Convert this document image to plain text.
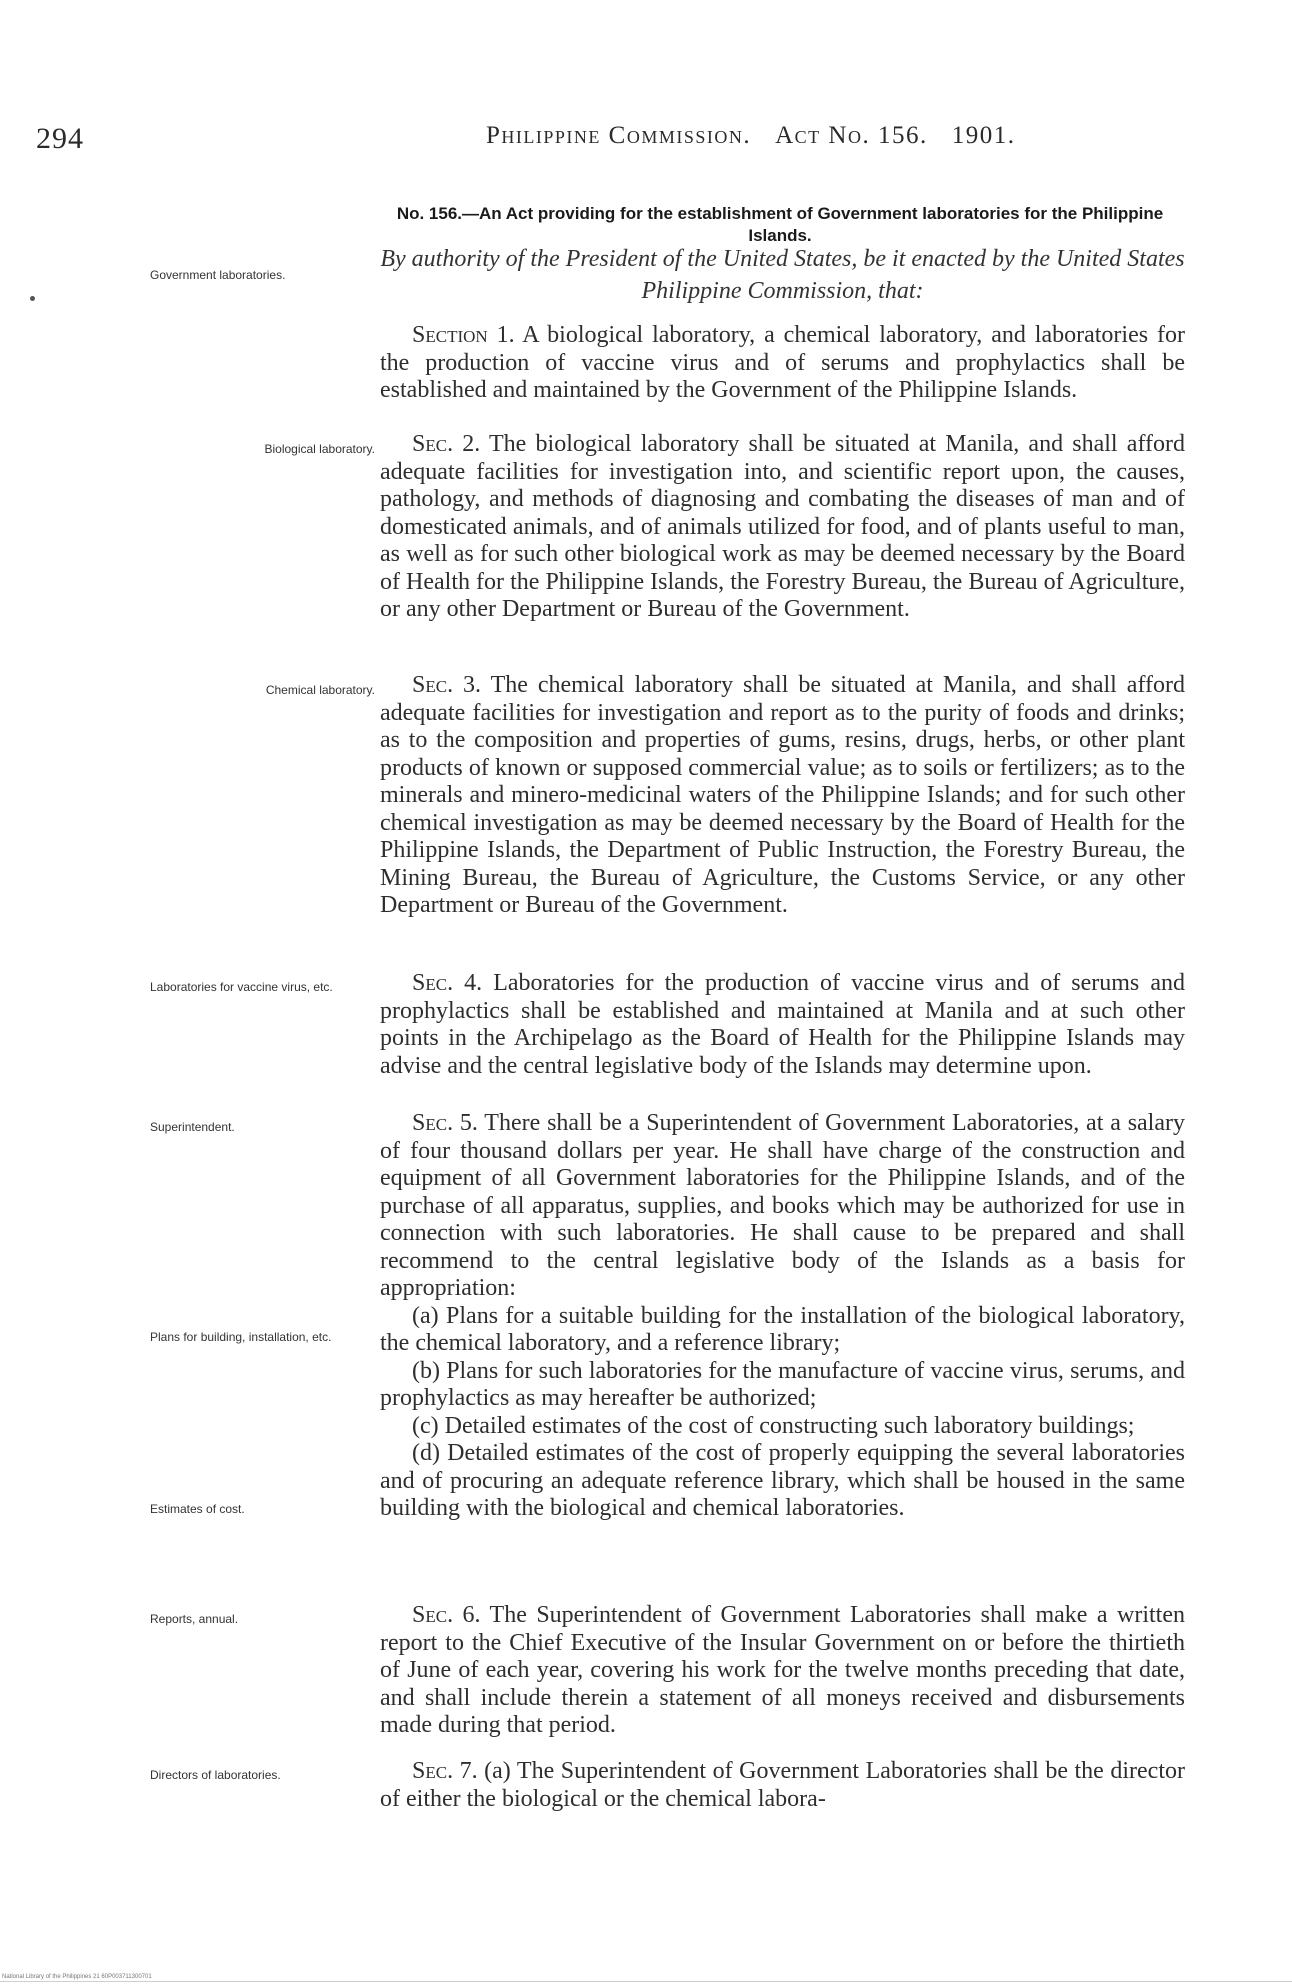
294	Philippine Commission. Act No. 156. 1901.
No. 156.—An Act providing for the establishment of Government laboratories for the Philippine Islands.
Government laboratories.
By authority of the President of the United States, be it enacted by the United States Philippine Commission, that:
Biological laboratory.
Chemical laboratory.
Laboratories for vaccine virus, etc.
Superintendent.
Plans for building, installation, etc.
Estimates of cost.
Reports, annual.
Directors of laboratories.

Section 1. A biological laboratory, a chemical laboratory, and laboratories for the production of vaccine virus and of serums and prophylactics shall be established and maintained by the Government of the Philippine Islands.

Sec. 2. The biological laboratory shall be situated at Manila, and shall afford adequate facilities for investigation into, and scientific report upon, the causes, pathology, and methods of diagnosing and combating the diseases of man and of domesticated animals, and of animals utilized for food, and of plants useful to man, as well as for such other biological work as may be deemed necessary by the Board of Health for the Philippine Islands, the Forestry Bureau, the Bureau of Agriculture, or any other Department or Bureau of the Government.

Sec. 3. The chemical laboratory shall be situated at Manila, and shall afford adequate facilities for investigation and report as to the purity of foods and drinks; as to the composition and properties of gums, resins, drugs, herbs, or other plant products of known or supposed commercial value; as to soils or fertilizers; as to the minerals and minero-medicinal waters of the Philippine Islands; and for such other chemical investigation as may be deemed necessary by the Board of Health for the Philippine Islands, the Department of Public Instruction, the Forestry Bureau, the Mining Bureau, the Bureau of Agriculture, the Customs Service, or any other Department or Bureau of the Government.

Sec. 4. Laboratories for the production of vaccine virus and of serums and prophylactics shall be established and maintained at Manila and at such other points in the Archipelago as the Board of Health for the Philippine Islands may advise and the central legislative body of the Islands may determine upon.

Sec. 5. There shall be a Superintendent of Government Laboratories, at a salary of four thousand dollars per year. He shall have charge of the construction and equipment of all Government laboratories for the Philippine Islands, and of the purchase of all apparatus, supplies, and books which may be authorized for use in connection with such laboratories. He shall cause to be prepared and shall recommend to the central legislative body of the Islands as a basis for appropriation:

(a) Plans for a suitable building for the installation of the biological laboratory, the chemical laboratory, and a reference library;

(b) Plans for such laboratories for the manufacture of vaccine virus, serums, and prophylactics as may hereafter be authorized;

(c) Detailed estimates of the cost of constructing such laboratory buildings;

(d) Detailed estimates of the cost of properly equipping the several laboratories and of procuring an adequate reference library, which shall be housed in the same building with the biological and chemical laboratories.

Sec. 6. The Superintendent of Government Laboratories shall make a written report to the Chief Executive of the Insular Government on or before the thirtieth of June of each year, covering his work for the twelve months preceding that date, and shall include therein a statement of all moneys received and disbursements made during that period.

Sec. 7. (a) The Superintendent of Government Laboratories shall be the director of either the biological or the chemical labora-

National Library of the Philippines 21 60P003711300701
